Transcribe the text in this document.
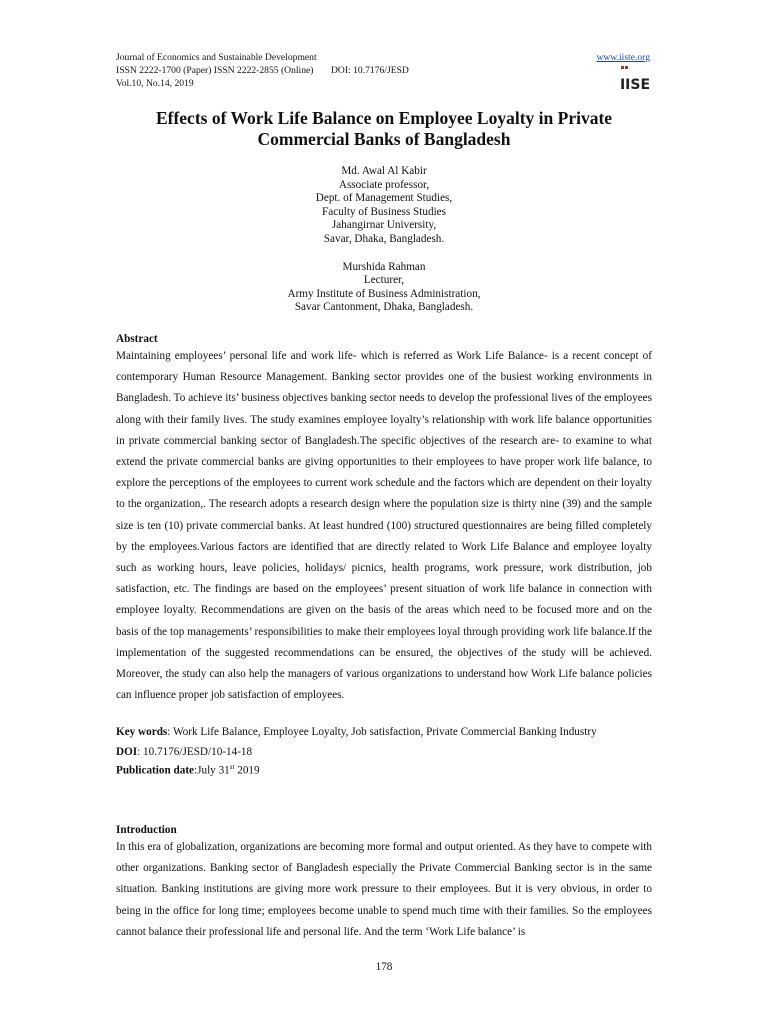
Journal of Economics and Sustainable Development
ISSN 2222-1700 (Paper) ISSN 2222-2855 (Online)	DOI: 10.7176/JESD
Vol.10, No.14, 2019
www.iiste.org
IISE
Effects of Work Life Balance on Employee Loyalty in Private Commercial Banks of Bangladesh
Md. Awal Al Kabir
Associate professor,
Dept. of Management Studies,
Faculty of Business Studies
Jahangirnar University,
Savar, Dhaka, Bangladesh.
Murshida Rahman
Lecturer,
Army Institute of Business Administration,
Savar Cantonment, Dhaka, Bangladesh.
Abstract
Maintaining employees’ personal life and work life- which is referred as Work Life Balance- is a recent concept of contemporary Human Resource Management. Banking sector provides one of the busiest working environments in Bangladesh. To achieve its’ business objectives banking sector needs to develop the professional lives of the employees along with their family lives. The study examines employee loyalty’s relationship with work life balance opportunities in private commercial banking sector of Bangladesh.The specific objectives of the research are- to examine to what extend the private commercial banks are giving opportunities to their employees to have proper work life balance, to explore the perceptions of the employees to current work schedule and the factors which are dependent on their loyalty to the organization,. The research adopts a research design where the population size is thirty nine (39) and the sample size is ten (10) private commercial banks. At least hundred (100) structured questionnaires are being filled completely by the employees.Various factors are identified that are directly related to Work Life Balance and employee loyalty such as working hours, leave policies, holidays/ picnics, health programs, work pressure, work distribution, job satisfaction, etc. The findings are based on the employees’ present situation of work life balance in connection with employee loyalty. Recommendations are given on the basis of the areas which need to be focused more and on the basis of the top managements’ responsibilities to make their employees loyal through providing work life balance.If the implementation of the suggested recommendations can be ensured, the objectives of the study will be achieved. Moreover, the study can also help the managers of various organizations to understand how Work Life balance policies can influence proper job satisfaction of employees.
Key words: Work Life Balance, Employee Loyalty, Job satisfaction, Private Commercial Banking Industry
DOI: 10.7176/JESD/10-14-18
Publication date:July 31st 2019
Introduction
In this era of globalization, organizations are becoming more formal and output oriented. As they have to compete with other organizations. Banking sector of Bangladesh especially the Private Commercial Banking sector is in the same situation. Banking institutions are giving more work pressure to their employees. But it is very obvious, in order to being in the office for long time; employees become unable to spend much time with their families. So the employees cannot balance their professional life and personal life. And the term ‘Work Life balance’ is
178
